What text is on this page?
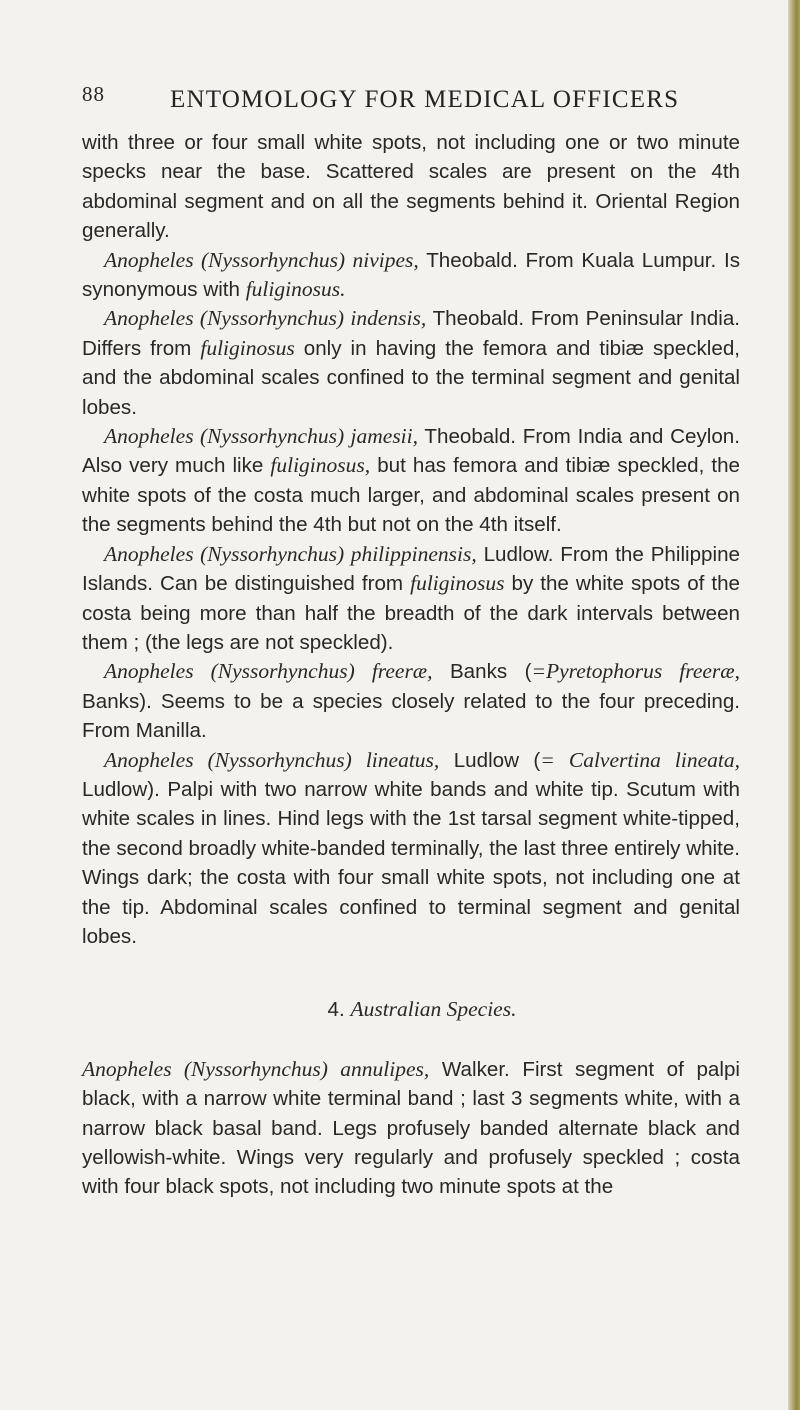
88	ENTOMOLOGY FOR MEDICAL OFFICERS

with three or four small white spots, not including one or two minute specks near the base. Scattered scales are present on the 4th abdominal segment and on all the segments behind it. Oriental Region generally.

Anopheles (Nyssorhynchus) nivipes, Theobald. From Kuala Lumpur. Is synonymous with fuliginosus.

Anopheles (Nyssorhynchus) indensis, Theobald. From Peninsular India. Differs from fuliginosus only in having the femora and tibiæ speckled, and the abdominal scales confined to the terminal segment and genital lobes.

Anopheles (Nyssorhynchus) jamesii, Theobald. From India and Ceylon. Also very much like fuliginosus, but has femora and tibiæ speckled, the white spots of the costa much larger, and abdominal scales present on the segments behind the 4th but not on the 4th itself.

Anopheles (Nyssorhynchus) philippinensis, Ludlow. From the Philippine Islands. Can be distinguished from fuliginosus by the white spots of the costa being more than half the breadth of the dark intervals between them ; (the legs are not speckled).

Anopheles (Nyssorhynchus) freeræ, Banks (=Pyretophorus freeræ, Banks). Seems to be a species closely related to the four preceding. From Manilla.

Anopheles (Nyssorhynchus) lineatus, Ludlow (= Calvertina lineata, Ludlow). Palpi with two narrow white bands and white tip. Scutum with white scales in lines. Hind legs with the 1st tarsal segment white-tipped, the second broadly white-banded terminally, the last three entirely white. Wings dark; the costa with four small white spots, not including one at the tip. Abdominal scales confined to terminal segment and genital lobes.

4. Australian Species.

Anopheles (Nyssorhynchus) annulipes, Walker. First segment of palpi black, with a narrow white terminal band ; last 3 segments white, with a narrow black basal band. Legs profusely banded alternate black and yellowish-white. Wings very regularly and profusely speckled ; costa with four black spots, not including two minute spots at the
